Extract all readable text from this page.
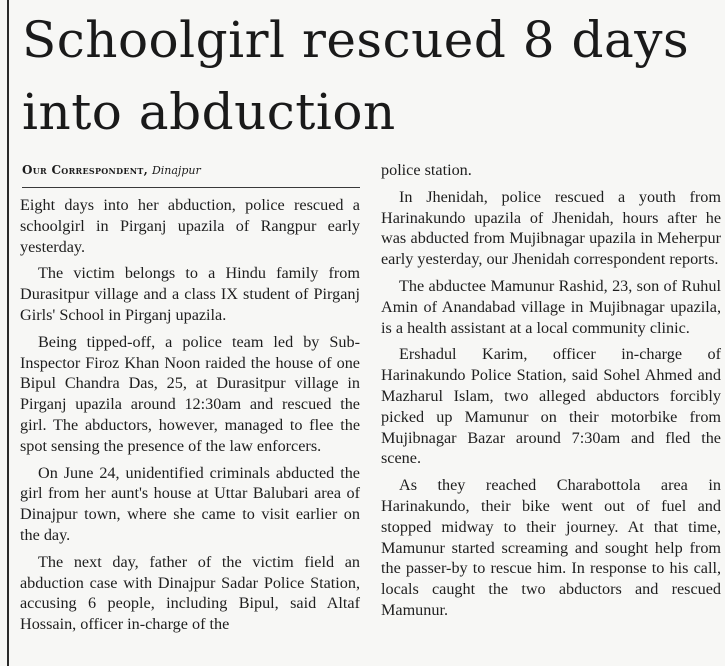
Schoolgirl rescued 8 days into abduction
Our Correspondent, Dinajpur

Eight days into her abduction, police rescued a schoolgirl in Pirganj upazila of Rangpur early yesterday.

The victim belongs to a Hindu family from Durasitpur village and a class IX student of Pirganj Girls' School in Pirganj upazila.

Being tipped-off, a police team led by Sub-Inspector Firoz Khan Noon raided the house of one Bipul Chandra Das, 25, at Durasitpur village in Pirganj upazila around 12:30am and rescued the girl. The abductors, however, managed to flee the spot sensing the presence of the law enforcers.

On June 24, unidentified criminals abducted the girl from her aunt's house at Uttar Balubari area of Dinajpur town, where she came to visit earlier on the day.

The next day, father of the victim field an abduction case with Dinajpur Sadar Police Station, accusing 6 people, including Bipul, said Altaf Hossain, officer in-charge of the

police station.

In Jhenidah, police rescued a youth from Harinakundo upazila of Jhenidah, hours after he was abducted from Mujibnagar upazila in Meherpur early yesterday, our Jhenidah correspondent reports.

The abductee Mamunur Rashid, 23, son of Ruhul Amin of Anandabad village in Mujibnagar upazila, is a health assistant at a local community clinic.

Ershadul Karim, officer in-charge of Harinakundo Police Station, said Sohel Ahmed and Mazharul Islam, two alleged abductors forcibly picked up Mamunur on their motorbike from Mujibnagar Bazar around 7:30am and fled the scene.

As they reached Charabottola area in Harinakundo, their bike went out of fuel and stopped midway to their journey. At that time, Mamunur started screaming and sought help from the passer-by to rescue him. In response to his call, locals caught the two abductors and rescued Mamunur.
